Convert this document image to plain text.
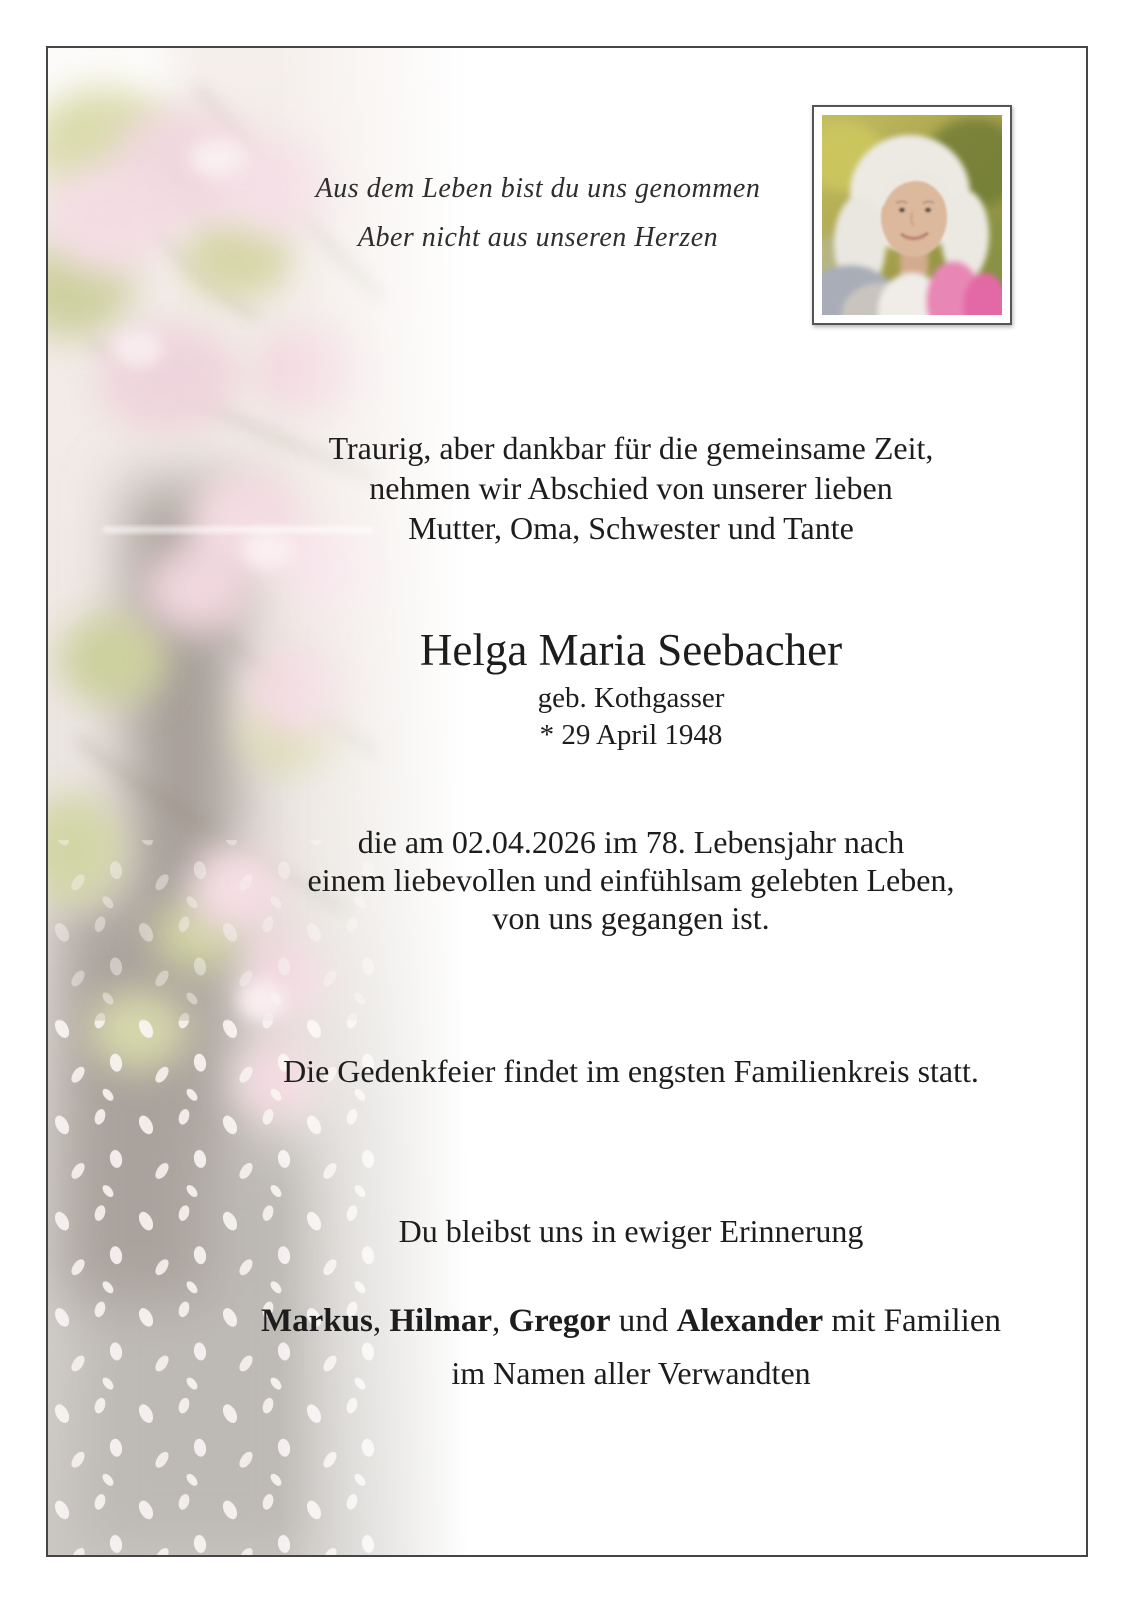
Aus dem Leben bist du uns genommen
Aber nicht aus unseren Herzen
Traurig, aber dankbar für die gemeinsame Zeit,
nehmen wir Abschied von unserer lieben
Mutter, Oma, Schwester und Tante
Helga Maria Seebacher
geb. Kothgasser
* 29 April 1948
die am 02.04.2026 im 78. Lebensjahr nach
einem liebevollen und einfühlsam gelebten Leben,
von uns gegangen ist.
Die Gedenkfeier findet im engsten Familienkreis statt.
Du bleibst uns in ewiger Erinnerung
Markus, Hilmar, Gregor und Alexander mit Familien
im Namen aller Verwandten
